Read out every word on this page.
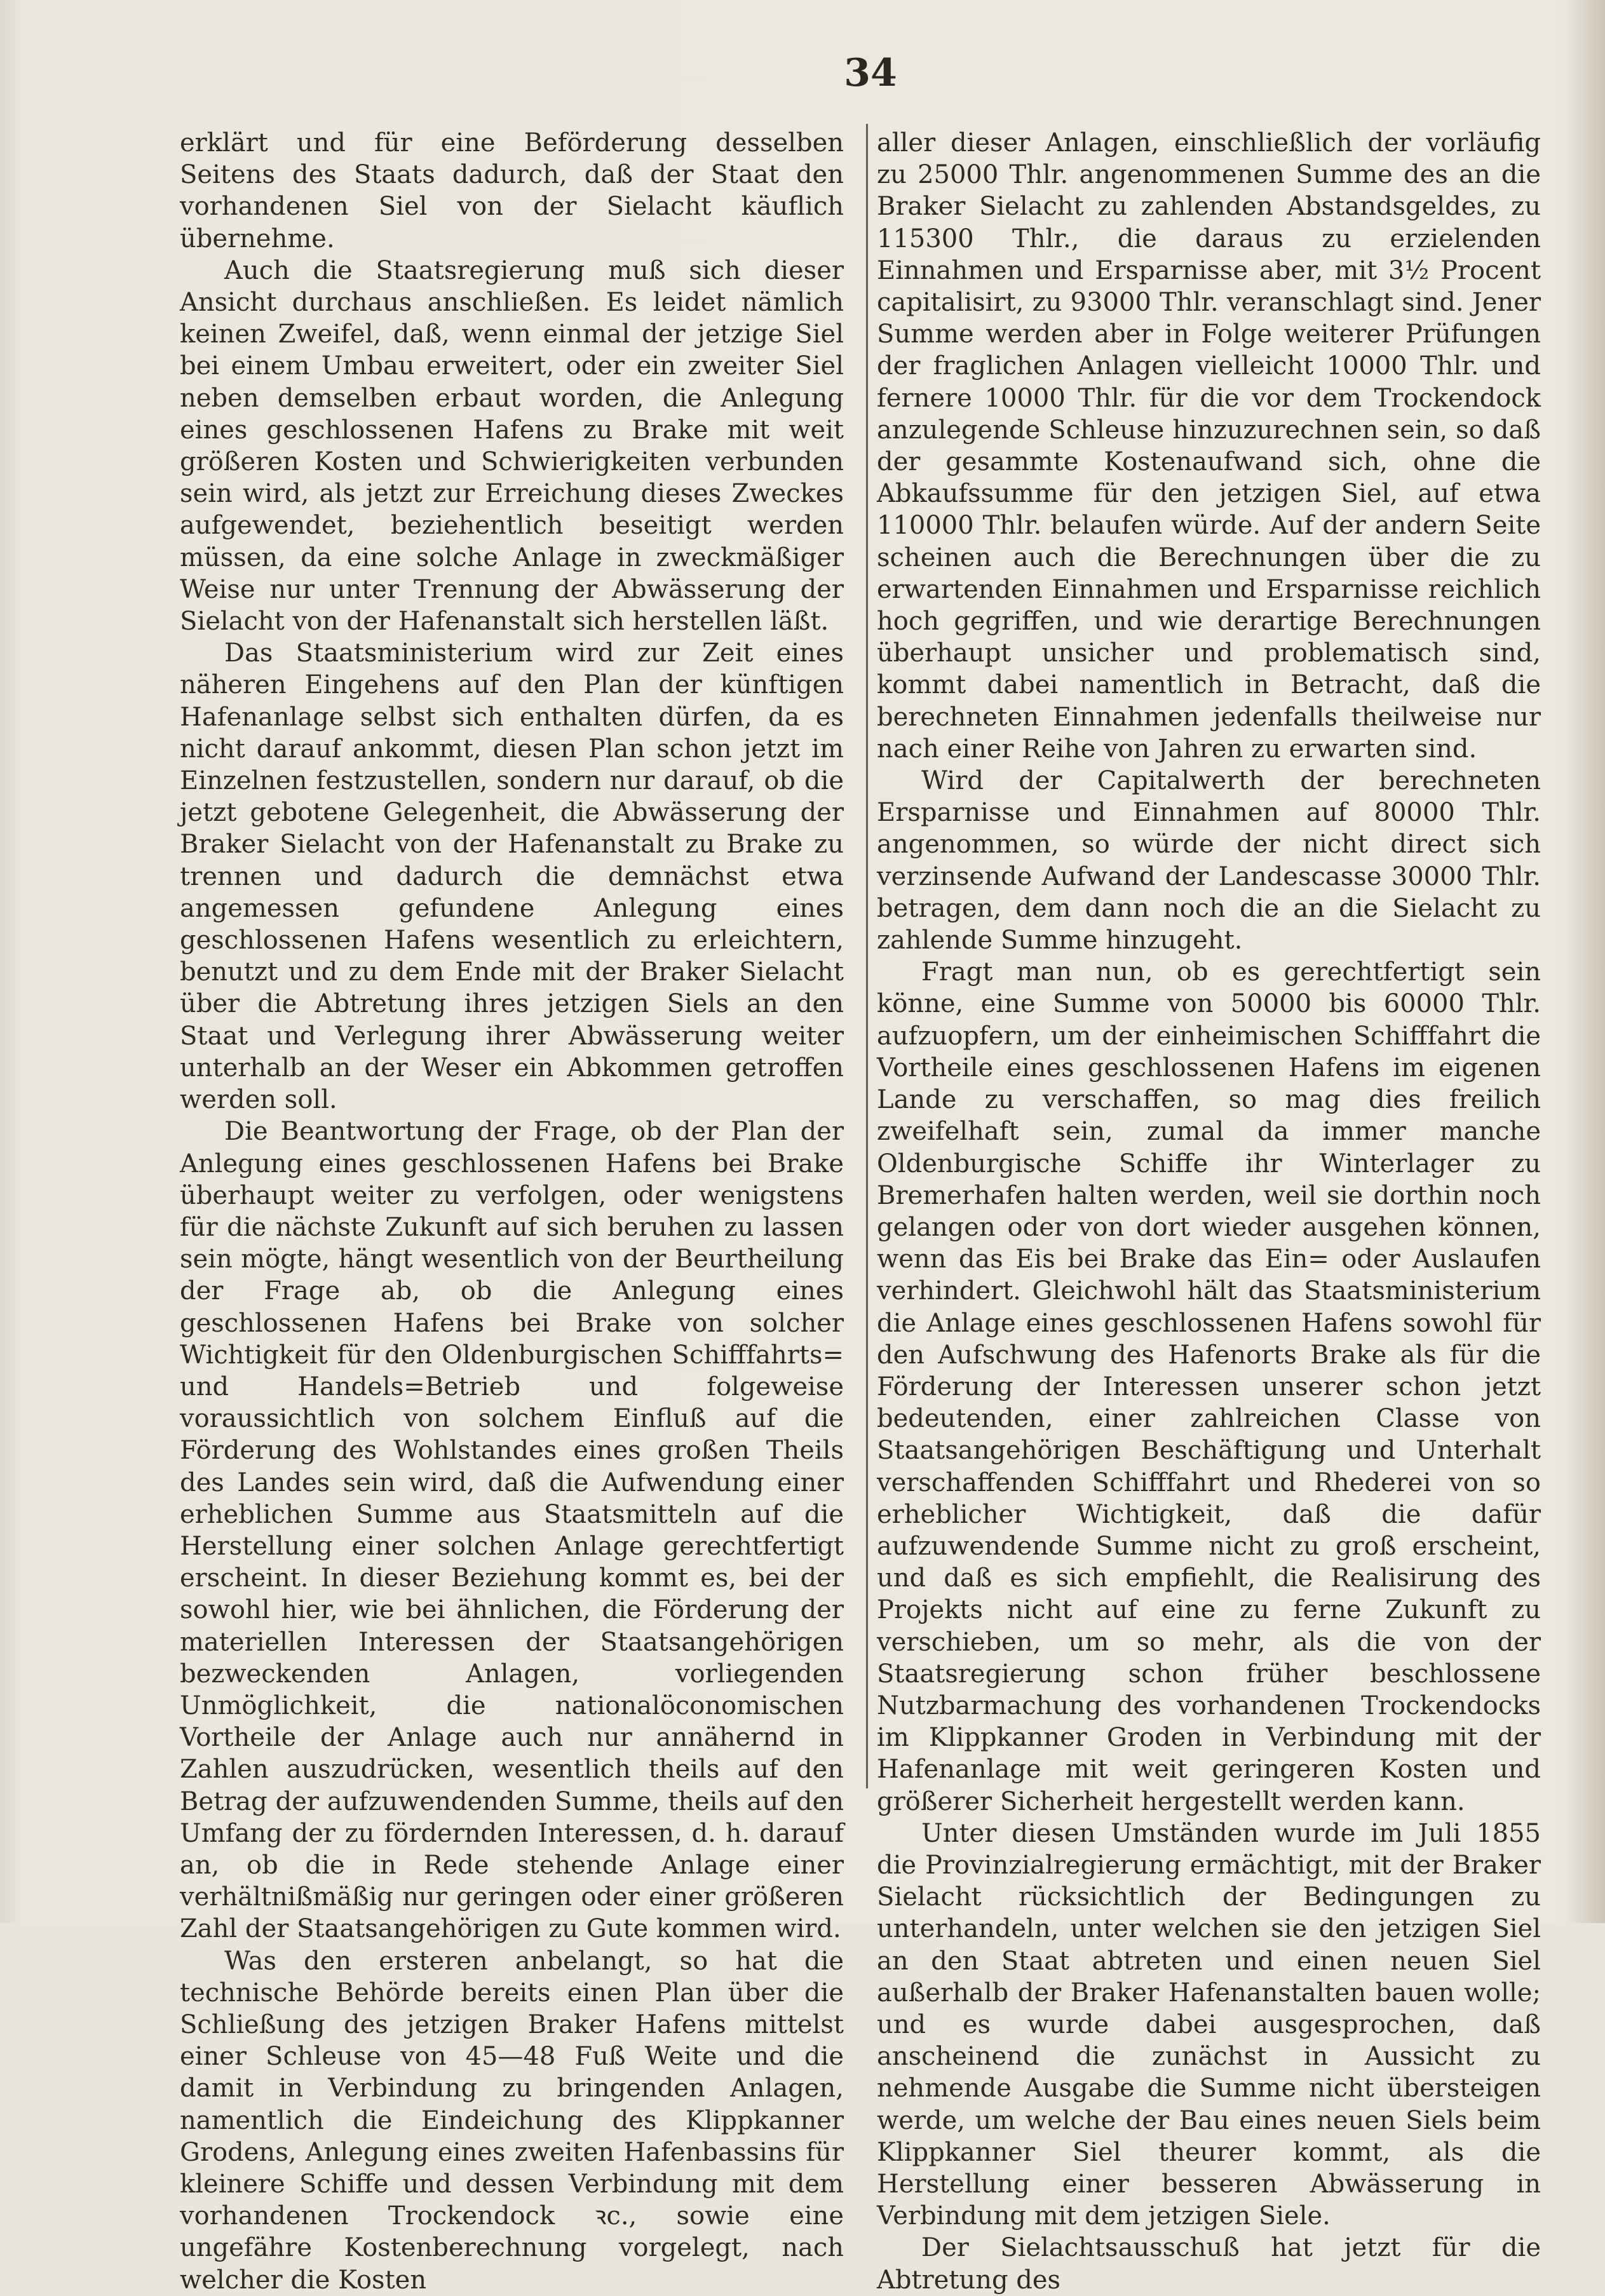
34

erklärt und für eine Beförderung desselben Seitens des Staats dadurch, daß der Staat den vorhandenen Siel von der Sielacht käuflich übernehme.

Auch die Staatsregierung muß sich dieser Ansicht durchaus anschließen. Es leidet nämlich keinen Zweifel, daß, wenn einmal der jetzige Siel bei einem Umbau erweitert, oder ein zweiter Siel neben demselben erbaut worden, die Anlegung eines geschlossenen Hafens zu Brake mit weit größeren Kosten und Schwierigkeiten verbunden sein wird, als jetzt zur Erreichung dieses Zweckes aufgewendet, beziehentlich beseitigt werden müssen, da eine solche Anlage in zweckmäßiger Weise nur unter Trennung der Abwässerung der Sielacht von der Hafenanstalt sich herstellen läßt.

Das Staatsministerium wird zur Zeit eines näheren Eingehens auf den Plan der künftigen Hafenanlage selbst sich enthalten dürfen, da es nicht darauf ankommt, diesen Plan schon jetzt im Einzelnen festzustellen, sondern nur darauf, ob die jetzt gebotene Gelegenheit, die Abwässerung der Braker Sielacht von der Hafenanstalt zu Brake zu trennen und dadurch die demnächst etwa angemessen gefundene Anlegung eines geschlossenen Hafens wesentlich zu erleichtern, benutzt und zu dem Ende mit der Braker Sielacht über die Abtretung ihres jetzigen Siels an den Staat und Verlegung ihrer Abwässerung weiter unterhalb an der Weser ein Abkommen getroffen werden soll.

Die Beantwortung der Frage, ob der Plan der Anlegung eines geschlossenen Hafens bei Brake überhaupt weiter zu verfolgen, oder wenigstens für die nächste Zukunft auf sich beruhen zu lassen sein mögte, hängt wesentlich von der Beurtheilung der Frage ab, ob die Anlegung eines geschlossenen Hafens bei Brake von solcher Wichtigkeit für den Oldenburgischen Schifffahrts= und Handels=Betrieb und folgeweise voraussichtlich von solchem Einfluß auf die Förderung des Wohlstandes eines großen Theils des Landes sein wird, daß die Aufwendung einer erheblichen Summe aus Staatsmitteln auf die Herstellung einer solchen Anlage gerechtfertigt erscheint. In dieser Beziehung kommt es, bei der sowohl hier, wie bei ähnlichen, die Förderung der materiellen Interessen der Staatsangehörigen bezweckenden Anlagen, vorliegenden Unmöglichkeit, die nationalöconomischen Vortheile der Anlage auch nur annähernd in Zahlen auszudrücken, wesentlich theils auf den Betrag der aufzuwendenden Summe, theils auf den Umfang der zu fördernden Interessen, d. h. darauf an, ob die in Rede stehende Anlage einer verhältnißmäßig nur geringen oder einer größeren Zahl der Staatsangehörigen zu Gute kommen wird.

Was den ersteren anbelangt, so hat die technische Behörde bereits einen Plan über die Schließung des jetzigen Braker Hafens mittelst einer Schleuse von 45—48 Fuß Weite und die damit in Verbindung zu bringenden Anlagen, namentlich die Eindeichung des Klippkanner Grodens, Anlegung eines zweiten Hafenbassins für kleinere Schiffe und dessen Verbindung mit dem vorhandenen Trockendock ꝛc., sowie eine ungefähre Kostenberechnung vorgelegt, nach welcher die Kosten

aller dieser Anlagen, einschließlich der vorläufig zu 25000 Thlr. angenommenen Summe des an die Braker Sielacht zu zahlenden Abstandsgeldes, zu 115300 Thlr., die daraus zu erzielenden Einnahmen und Ersparnisse aber, mit 3½ Procent capitalisirt, zu 93000 Thlr. veranschlagt sind. Jener Summe werden aber in Folge weiterer Prüfungen der fraglichen Anlagen vielleicht 10000 Thlr. und fernere 10000 Thlr. für die vor dem Trockendock anzulegende Schleuse hinzuzurechnen sein, so daß der gesammte Kostenaufwand sich, ohne die Abkaufssumme für den jetzigen Siel, auf etwa 110000 Thlr. belaufen würde. Auf der andern Seite scheinen auch die Berechnungen über die zu erwartenden Einnahmen und Ersparnisse reichlich hoch gegriffen, und wie derartige Berechnungen überhaupt unsicher und problematisch sind, kommt dabei namentlich in Betracht, daß die berechneten Einnahmen jedenfalls theilweise nur nach einer Reihe von Jahren zu erwarten sind.

Wird der Capitalwerth der berechneten Ersparnisse und Einnahmen auf 80000 Thlr. angenommen, so würde der nicht direct sich verzinsende Aufwand der Landescasse 30000 Thlr. betragen, dem dann noch die an die Sielacht zu zahlende Summe hinzugeht.

Fragt man nun, ob es gerechtfertigt sein könne, eine Summe von 50000 bis 60000 Thlr. aufzuopfern, um der einheimischen Schifffahrt die Vortheile eines geschlossenen Hafens im eigenen Lande zu verschaffen, so mag dies freilich zweifelhaft sein, zumal da immer manche Oldenburgische Schiffe ihr Winterlager zu Bremerhafen halten werden, weil sie dorthin noch gelangen oder von dort wieder ausgehen können, wenn das Eis bei Brake das Ein= oder Auslaufen verhindert. Gleichwohl hält das Staatsministerium die Anlage eines geschlossenen Hafens sowohl für den Aufschwung des Hafenorts Brake als für die Förderung der Interessen unserer schon jetzt bedeutenden, einer zahlreichen Classe von Staatsangehörigen Beschäftigung und Unterhalt verschaffenden Schifffahrt und Rhederei von so erheblicher Wichtigkeit, daß die dafür aufzuwendende Summe nicht zu groß erscheint, und daß es sich empfiehlt, die Realisirung des Projekts nicht auf eine zu ferne Zukunft zu verschieben, um so mehr, als die von der Staatsregierung schon früher beschlossene Nutzbarmachung des vorhandenen Trockendocks im Klippkanner Groden in Verbindung mit der Hafenanlage mit weit geringeren Kosten und größerer Sicherheit hergestellt werden kann.

Unter diesen Umständen wurde im Juli 1855 die Provinzialregierung ermächtigt, mit der Braker Sielacht rücksichtlich der Bedingungen zu unterhandeln, unter welchen sie den jetzigen Siel an den Staat abtreten und einen neuen Siel außerhalb der Braker Hafenanstalten bauen wolle; und es wurde dabei ausgesprochen, daß anscheinend die zunächst in Aussicht zu nehmende Ausgabe die Summe nicht übersteigen werde, um welche der Bau eines neuen Siels beim Klippkanner Siel theurer kommt, als die Herstellung einer besseren Abwässerung in Verbindung mit dem jetzigen Siele.

Der Sielachtsausschuß hat jetzt für die Abtretung des
